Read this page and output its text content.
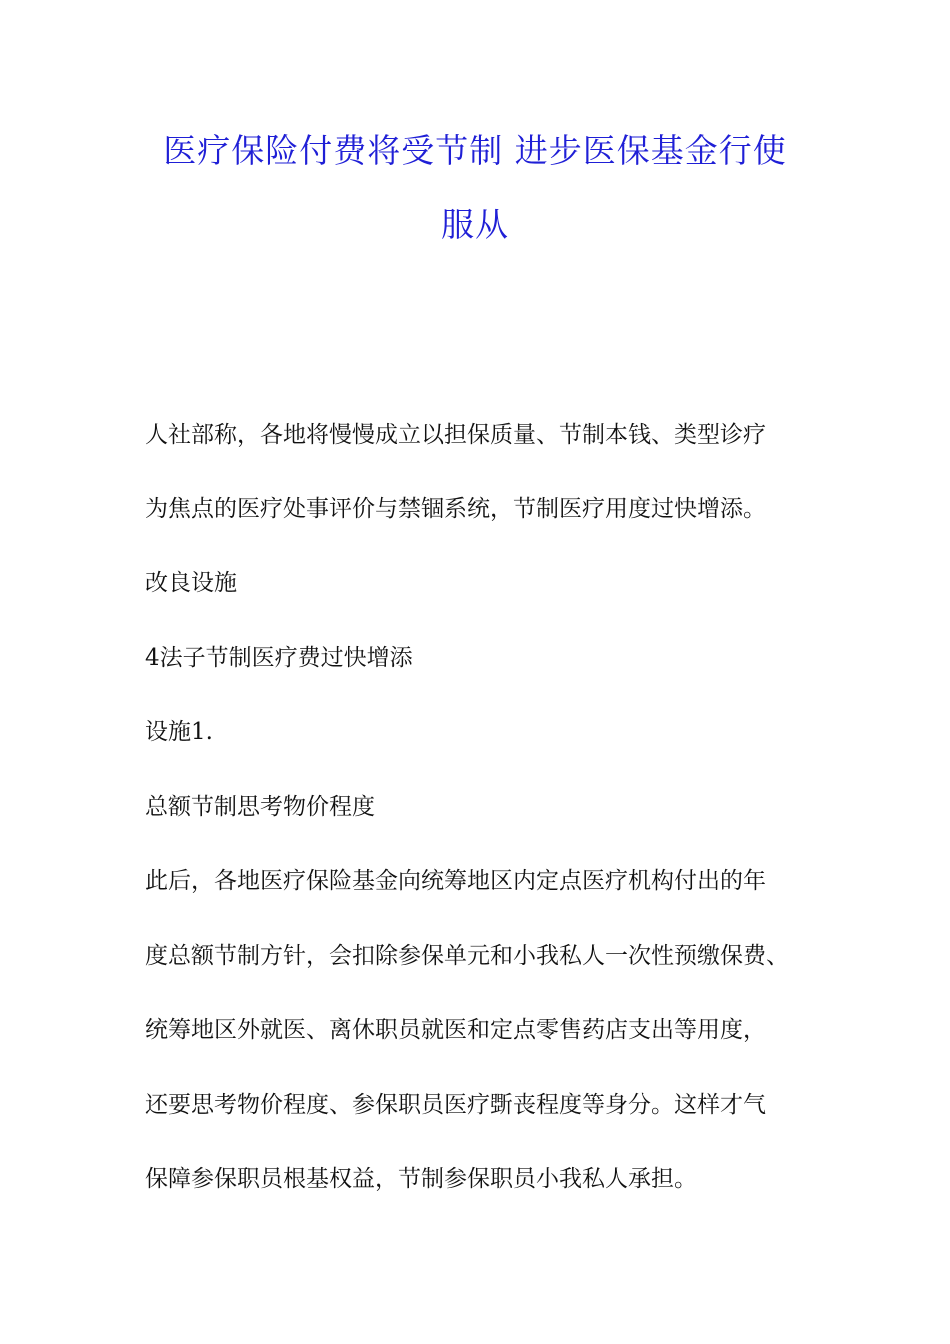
医疗保险付费将受节制 进步医保基金行使
服从

人社部称，各地将慢慢成立以担保质量、节制本钱、类型诊疗

为焦点的医疗处事评价与禁锢系统，节制医疗用度过快增添。

改良设施

4法子节制医疗费过快增添

设施1.

总额节制思考物价程度

此后，各地医疗保险基金向统筹地区内定点医疗机构付出的年

度总额节制方针，会扣除参保单元和小我私人一次性预缴保费、

统筹地区外就医、离休职员就医和定点零售药店支出等用度，

还要思考物价程度、参保职员医疗斲丧程度等身分。这样才气

保障参保职员根基权益，节制参保职员小我私人承担。
